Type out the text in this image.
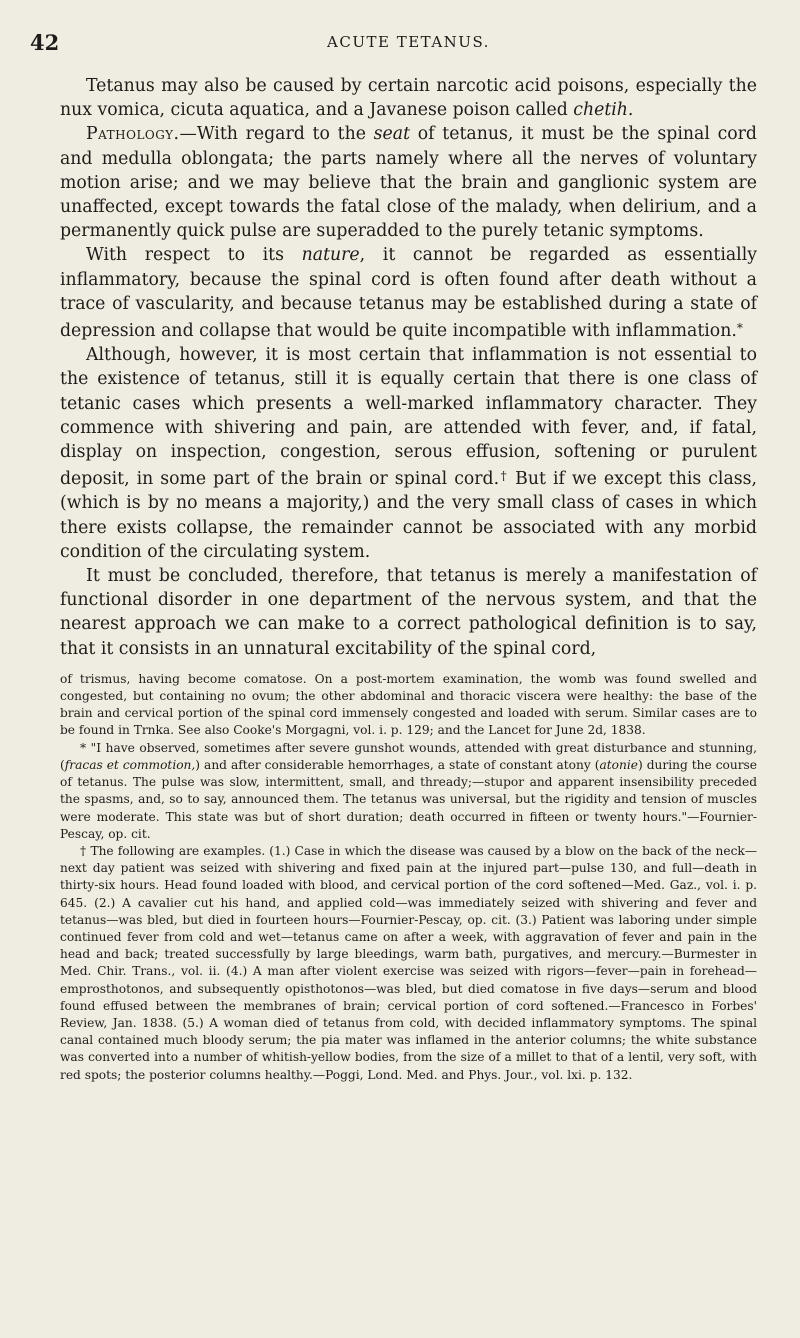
42	ACUTE TETANUS.

Tetanus may also be caused by certain narcotic acid poisons, especially the nux vomica, cicuta aquatica, and a Javanese poison called chetih.

Pathology.—With regard to the seat of tetanus, it must be the spinal cord and medulla oblongata; the parts namely where all the nerves of voluntary motion arise; and we may believe that the brain and ganglionic system are unaffected, except towards the fatal close of the malady, when delirium, and a permanently quick pulse are superadded to the purely tetanic symptoms.

With respect to its nature, it cannot be regarded as essentially inflammatory, because the spinal cord is often found after death without a trace of vascularity, and because tetanus may be established during a state of depression and collapse that would be quite incompatible with inflammation.*

Although, however, it is most certain that inflammation is not essential to the existence of tetanus, still it is equally certain that there is one class of tetanic cases which presents a well-marked inflammatory character. They commence with shivering and pain, are attended with fever, and, if fatal, display on inspection, congestion, serous effusion, softening or purulent deposit, in some part of the brain or spinal cord.† But if we except this class, (which is by no means a majority,) and the very small class of cases in which there exists collapse, the remainder cannot be associated with any morbid condition of the circulating system.

It must be concluded, therefore, that tetanus is merely a manifestation of functional disorder in one department of the nervous system, and that the nearest approach we can make to a correct pathological definition is to say, that it consists in an unnatural excitability of the spinal cord,

of trismus, having become comatose. On a post-mortem examination, the womb was found swelled and congested, but containing no ovum; the other abdominal and thoracic viscera were healthy: the base of the brain and cervical portion of the spinal cord immensely congested and loaded with serum. Similar cases are to be found in Trnka. See also Cooke's Morgagni, vol. i. p. 129; and the Lancet for June 2d, 1838.

* "I have observed, sometimes after severe gunshot wounds, attended with great disturbance and stunning, (fracas et commotion,) and after considerable hemorrhages, a state of constant atony (atonie) during the course of tetanus. The pulse was slow, intermittent, small, and thready;—stupor and apparent insensibility preceded the spasms, and, so to say, announced them. The tetanus was universal, but the rigidity and tension of muscles were moderate. This state was but of short duration; death occurred in fifteen or twenty hours."—Fournier-Pescay, op. cit.

† The following are examples. (1.) Case in which the disease was caused by a blow on the back of the neck—next day patient was seized with shivering and fixed pain at the injured part—pulse 130, and full—death in thirty-six hours. Head found loaded with blood, and cervical portion of the cord softened—Med. Gaz., vol. i. p. 645. (2.) A cavalier cut his hand, and applied cold—was immediately seized with shivering and fever and tetanus—was bled, but died in fourteen hours—Fournier-Pescay, op. cit. (3.) Patient was laboring under simple continued fever from cold and wet—tetanus came on after a week, with aggravation of fever and pain in the head and back; treated successfully by large bleedings, warm bath, purgatives, and mercury.—Burmester in Med. Chir. Trans., vol. ii. (4.) A man after violent exercise was seized with rigors—fever—pain in forehead—emprosthotonos, and subsequently opisthotonos—was bled, but died comatose in five days—serum and blood found effused between the membranes of brain; cervical portion of cord softened.—Francesco in Forbes' Review, Jan. 1838. (5.) A woman died of tetanus from cold, with decided inflammatory symptoms. The spinal canal contained much bloody serum; the pia mater was inflamed in the anterior columns; the white substance was converted into a number of whitish-yellow bodies, from the size of a millet to that of a lentil, very soft, with red spots; the posterior columns healthy.—Poggi, Lond. Med. and Phys. Jour., vol. lxi. p. 132.
